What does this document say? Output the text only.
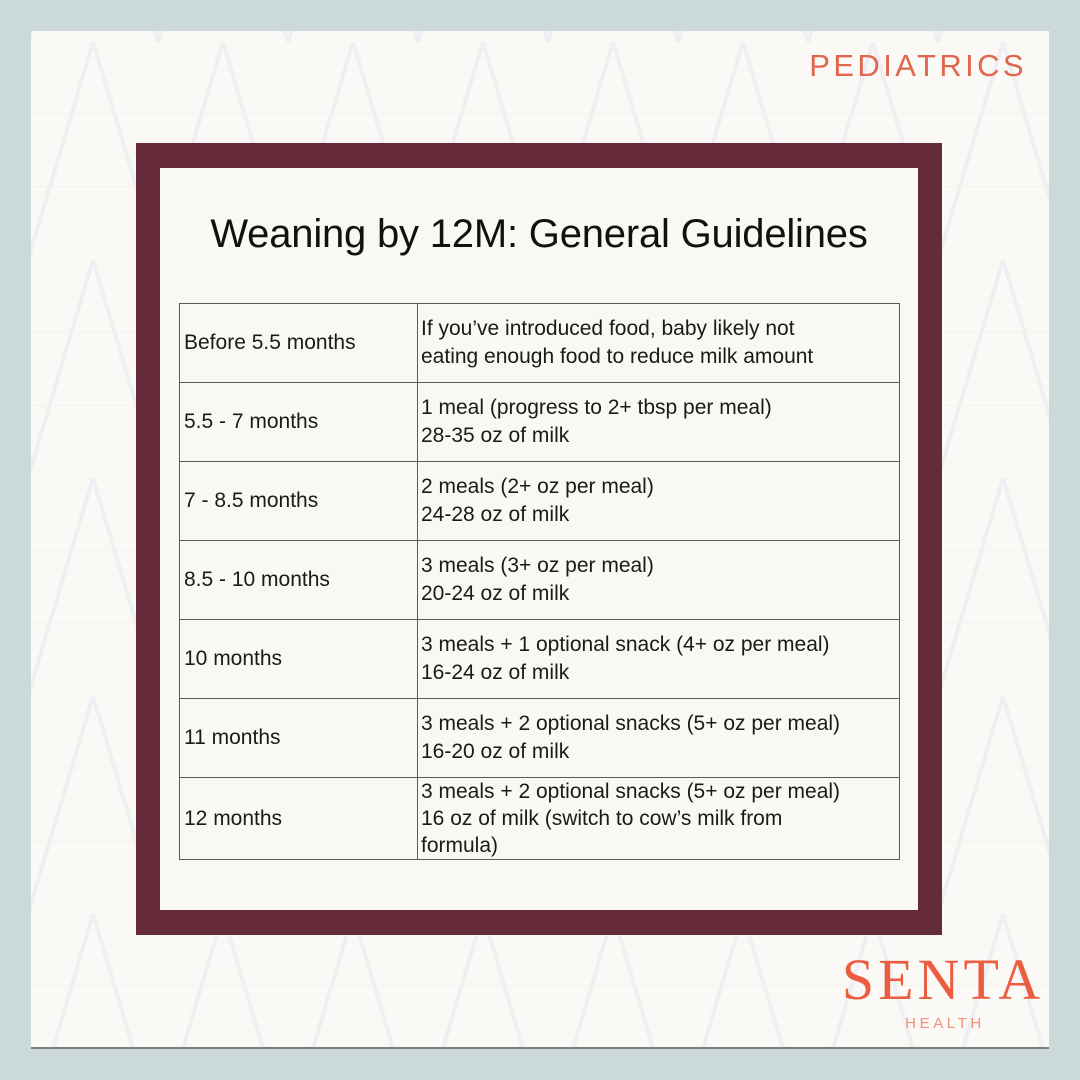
PEDIATRICS
Weaning by 12M: General Guidelines
Before 5.5 months	If you’ve introduced food, baby likely not
eating enough food to reduce milk amount

5.5 - 7 months	1 meal (progress to 2+ tbsp per meal)
28-35 oz of milk

7 - 8.5 months	2 meals (2+ oz per meal)
24-28 oz of milk

8.5 - 10 months	3 meals (3+ oz per meal)
20-24 oz of milk

10 months	3 meals + 1 optional snack (4+ oz per meal)
16-24 oz of milk

11 months	3 meals + 2 optional snacks (5+ oz per meal)
16-20 oz of milk

12 months	3 meals + 2 optional snacks (5+ oz per meal)
16 oz of milk (switch to cow’s milk from
formula)
SENTA
HEALTH
